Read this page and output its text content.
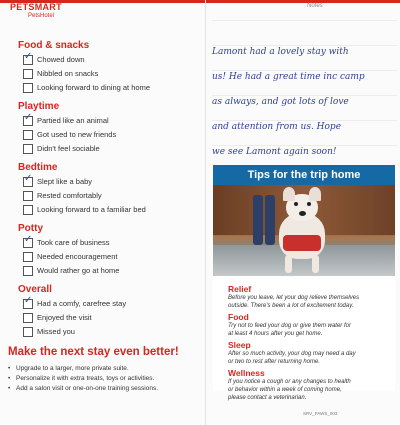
PETSMART
PetsHotel
Food & snacks
✓
Chowed down
Nibbled on snacks
Looking forward to dining at home
Playtime
✓
Partied like an animal
Got used to new friends
Didn't feel sociable
Bedtime
✓
Slept like a baby
Rested comfortably
Looking forward to a familiar bed
Potty
✓
Took care of business
Needed encouragement
Would rather go at home
Overall
✓
Had a comfy, carefree stay
Enjoyed the visit
Missed you
Make the next stay even better!
• Upgrade to a larger, more private suite.
• Personalize it with extra treats, toys or activities.
• Add a salon visit or one-on-one training sessions.
Notes
Lamont had a lovely stay with
us! He had a great time inc camp
as always, and got lots of love
and attention from us. Hope
we see Lamont again soon!
Tips for the trip home
Relief
Before you leave, let your dog relieve themselves
outside. There's been a lot of excitement today.
Food
Try not to feed your dog or give them water for
at least 4 hours after you get home.
Sleep
After so much activity, your dog may need a day
or two to rest after returning home.
Wellness
If you notice a cough or any changes to health
or behavior within a week of coming home,
please contact a veterinarian.
SRV_PAWS_003
